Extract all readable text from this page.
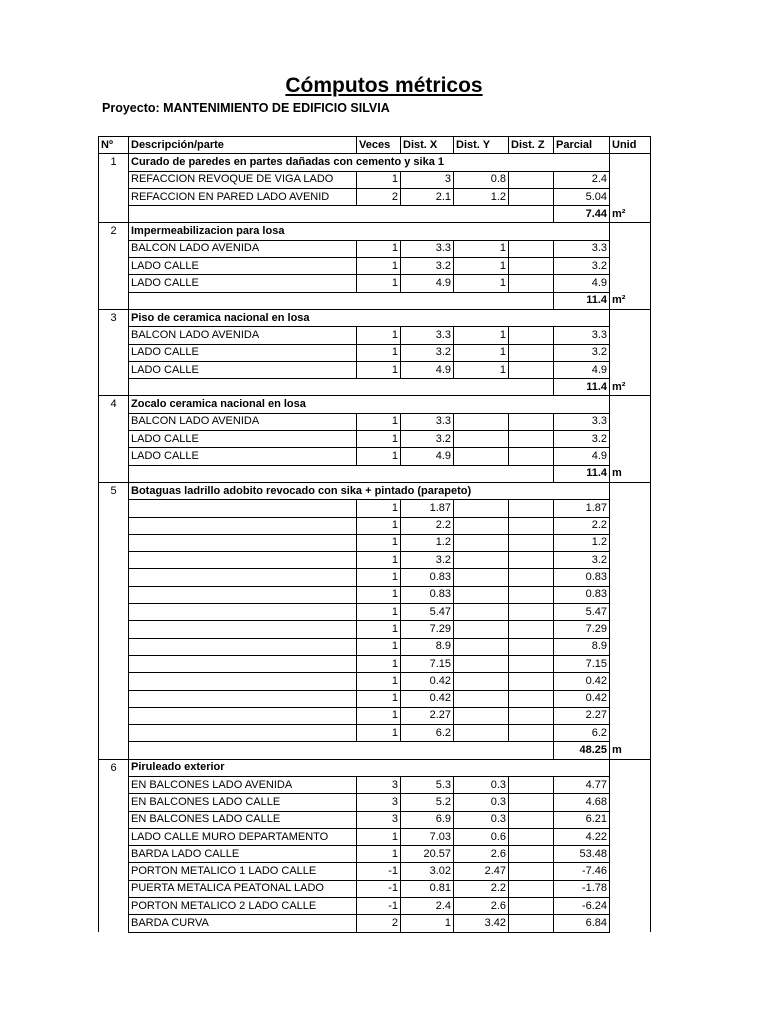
Cómputos métricos
Proyecto: MANTENIMIENTO DE EDIFICIO SILVIA
Nº	Descripción/parte	Veces	Dist. X	Dist. Y	Dist. Z	Parcial	Unid
1	Curado de paredes en partes dañadas con cemento y sika 1						
	REFACCION REVOQUE DE VIGA LADO	1	3	0.8		2.4	
	REFACCION EN PARED LADO AVENID	2	2.1	1.2		5.04	
						7.44	m²
2	Impermeabilizacion para losa						
	BALCON LADO AVENIDA	1	3.3	1		3.3	
	LADO CALLE	1	3.2	1		3.2	
	LADO CALLE	1	4.9	1		4.9	
						11.4	m²
3	Piso de ceramica nacional en losa						
	BALCON LADO AVENIDA	1	3.3	1		3.3	
	LADO CALLE	1	3.2	1		3.2	
	LADO CALLE	1	4.9	1		4.9	
						11.4	m²
4	Zocalo ceramica nacional en losa						
	BALCON LADO AVENIDA	1	3.3			3.3	
	LADO CALLE	1	3.2			3.2	
	LADO CALLE	1	4.9			4.9	
						11.4	m
5	Botaguas ladrillo adobito revocado con sika + pintado (parapeto)						
		1	1.87			1.87	
		1	2.2			2.2	
		1	1.2			1.2	
		1	3.2			3.2	
		1	0.83			0.83	
		1	0.83			0.83	
		1	5.47			5.47	
		1	7.29			7.29	
		1	8.9			8.9	
		1	7.15			7.15	
		1	0.42			0.42	
		1	0.42			0.42	
		1	2.27			2.27	
		1	6.2			6.2	
						48.25	m
6	Piruleado exterior						
	EN BALCONES LADO AVENIDA	3	5.3	0.3		4.77	
	EN BALCONES LADO CALLE	3	5.2	0.3		4.68	
	EN BALCONES LADO CALLE	3	6.9	0.3		6.21	
	LADO CALLE MURO DEPARTAMENTO	1	7.03	0.6		4.22	
	BARDA LADO CALLE	1	20.57	2.6		53.48	
	PORTON METALICO 1 LADO CALLE	-1	3.02	2.47		-7.46	
	PUERTA METALICA PEATONAL LADO	-1	0.81	2.2		-1.78	
	PORTON METALICO 2 LADO CALLE	-1	2.4	2.6		-6.24	
	BARDA CURVA	2	1	3.42		6.84	
